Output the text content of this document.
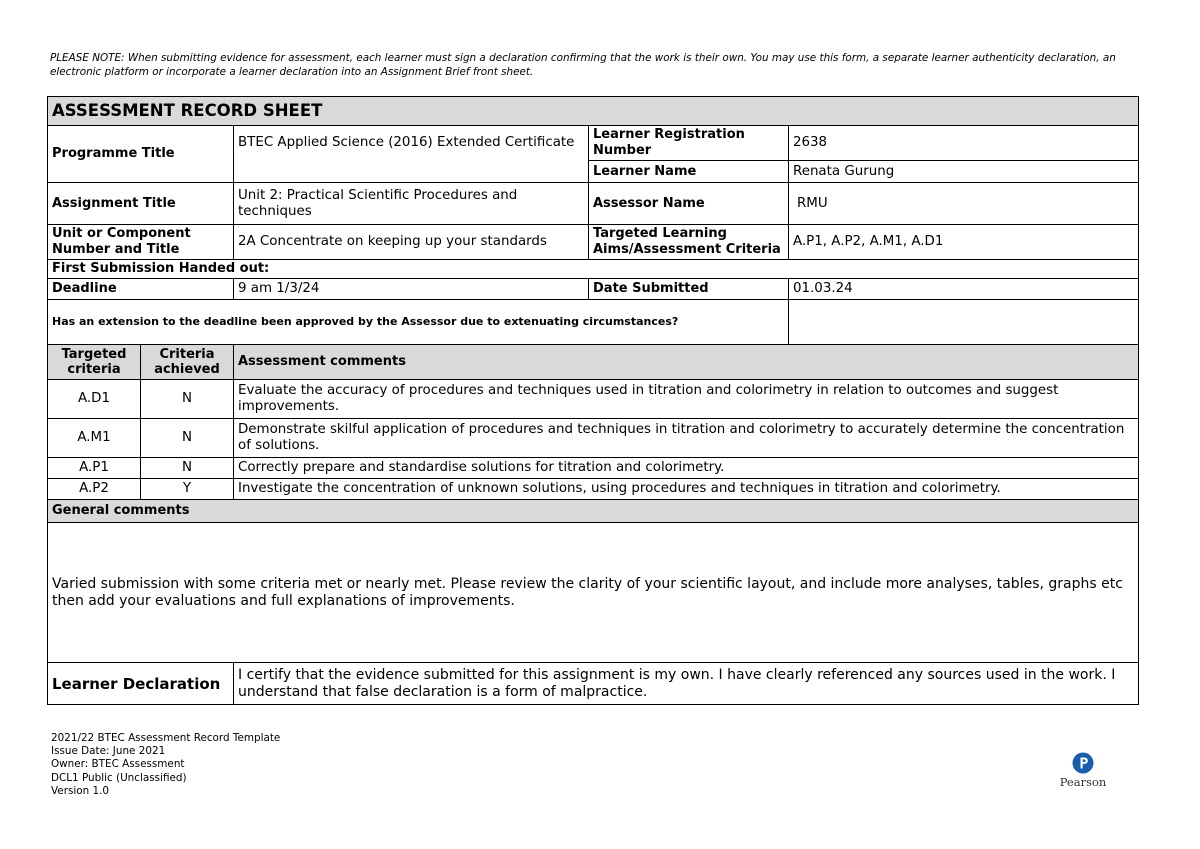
PLEASE NOTE: When submitting evidence for assessment, each learner must sign a declaration confirming that the work is their own. You may use this form, a separate learner authenticity declaration, an electronic platform or incorporate a learner declaration into an Assignment Brief front sheet.
ASSESSMENT RECORD SHEET				
Programme Title		BTEC Applied Science (2016) Extended Certificate	Learner Registration Number	2638
			Learner Name	Renata Gurung
Assignment Title		Unit 2: Practical Scientific Procedures and techniques	Assessor Name	RMU
Unit or Component Number and Title		2A Concentrate on keeping up your standards	Targeted Learning Aims/Assessment Criteria	A.P1, A.P2, A.M1, A.D1
First Submission Handed out:				
Deadline		9 am 1/3/24	Date Submitted	01.03.24
Has an extension to the deadline been approved by the Assessor due to extenuating circumstances?				
Targeted criteria	Criteria achieved	Assessment comments		
A.D1	N	Evaluate the accuracy of procedures and techniques used in titration and colorimetry in relation to outcomes and suggest improvements.		
A.M1	N	Demonstrate skilful application of procedures and techniques in titration and colorimetry to accurately determine the concentration of solutions.		
A.P1	N	Correctly prepare and standardise solutions for titration and colorimetry.		
A.P2	Y	Investigate the concentration of unknown solutions, using procedures and techniques in titration and colorimetry.		
General comments				
Varied submission with some criteria met or nearly met. Please review the clarity of your scientific layout, and include more analyses, tables, graphs etc then add your evaluations and full explanations of improvements.				
Learner Declaration		I certify that the evidence submitted for this assignment is my own. I have clearly referenced any sources used in the work. I understand that false declaration is a form of malpractice.		
2021/22 BTEC Assessment Record Template
Issue Date: June 2021
Owner: BTEC Assessment
DCL1 Public (Unclassified)
Version 1.0
Pearson
